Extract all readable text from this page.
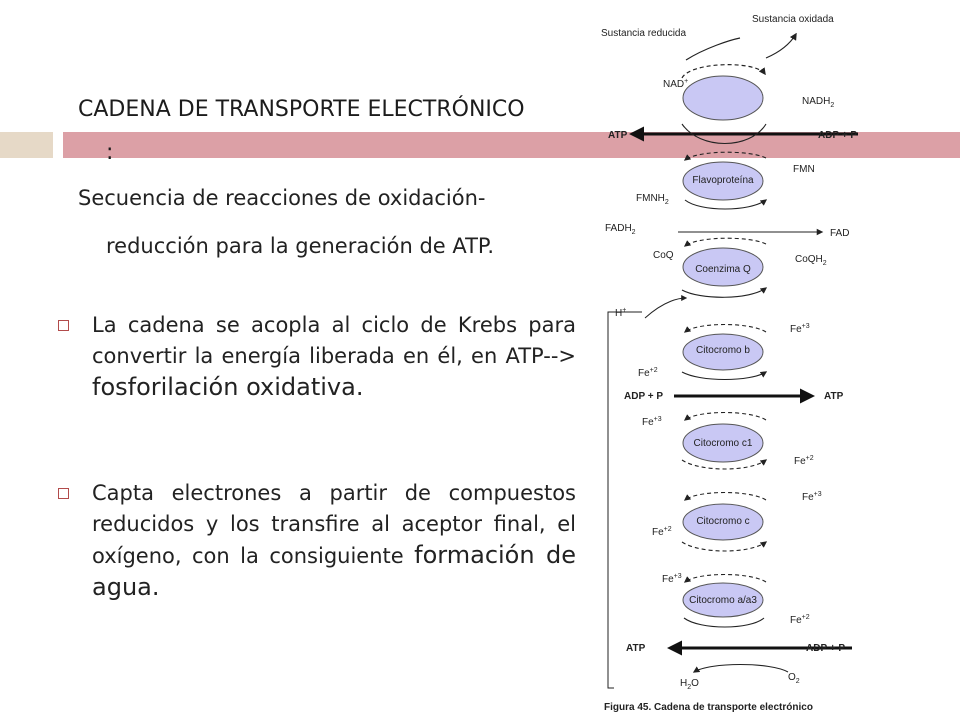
CADENA DE TRANSPORTE ELECTRÓNICO
:
Secuencia de reacciones de oxidación-
reducción para la generación de ATP.
La cadena se acopla al ciclo de Krebs para convertir la energía liberada en él, en ATP--> fosforilación oxidativa.
Capta electrones a partir de compuestos reducidos y los transfire al aceptor final, el oxígeno, con la consiguiente formación de agua.
Sustancia reducida
Sustancia oxidada
NAD+
$NADH_2$
ATP	ADP + P
Flavoproteína
FMN
$FMNH_2$
$FADH_2$	FAD
Coenzima Q
CoQ	CoQH$_2$
H+
Citocromo b
$Fe^{+3}$
$Fe^{+2}$
ADP + P	ATP
Citocromo c1
$Fe^{+3}$
$Fe^{+2}$
Citocromo c
$Fe^{+3}$
$Fe^{+2}$
Citocromo a/a3
$Fe^{+3}$
$Fe^{+2}$
ATP	ADP + P
$H_2O$
$O_2$
Figura 45. Cadena de transporte electrónico
